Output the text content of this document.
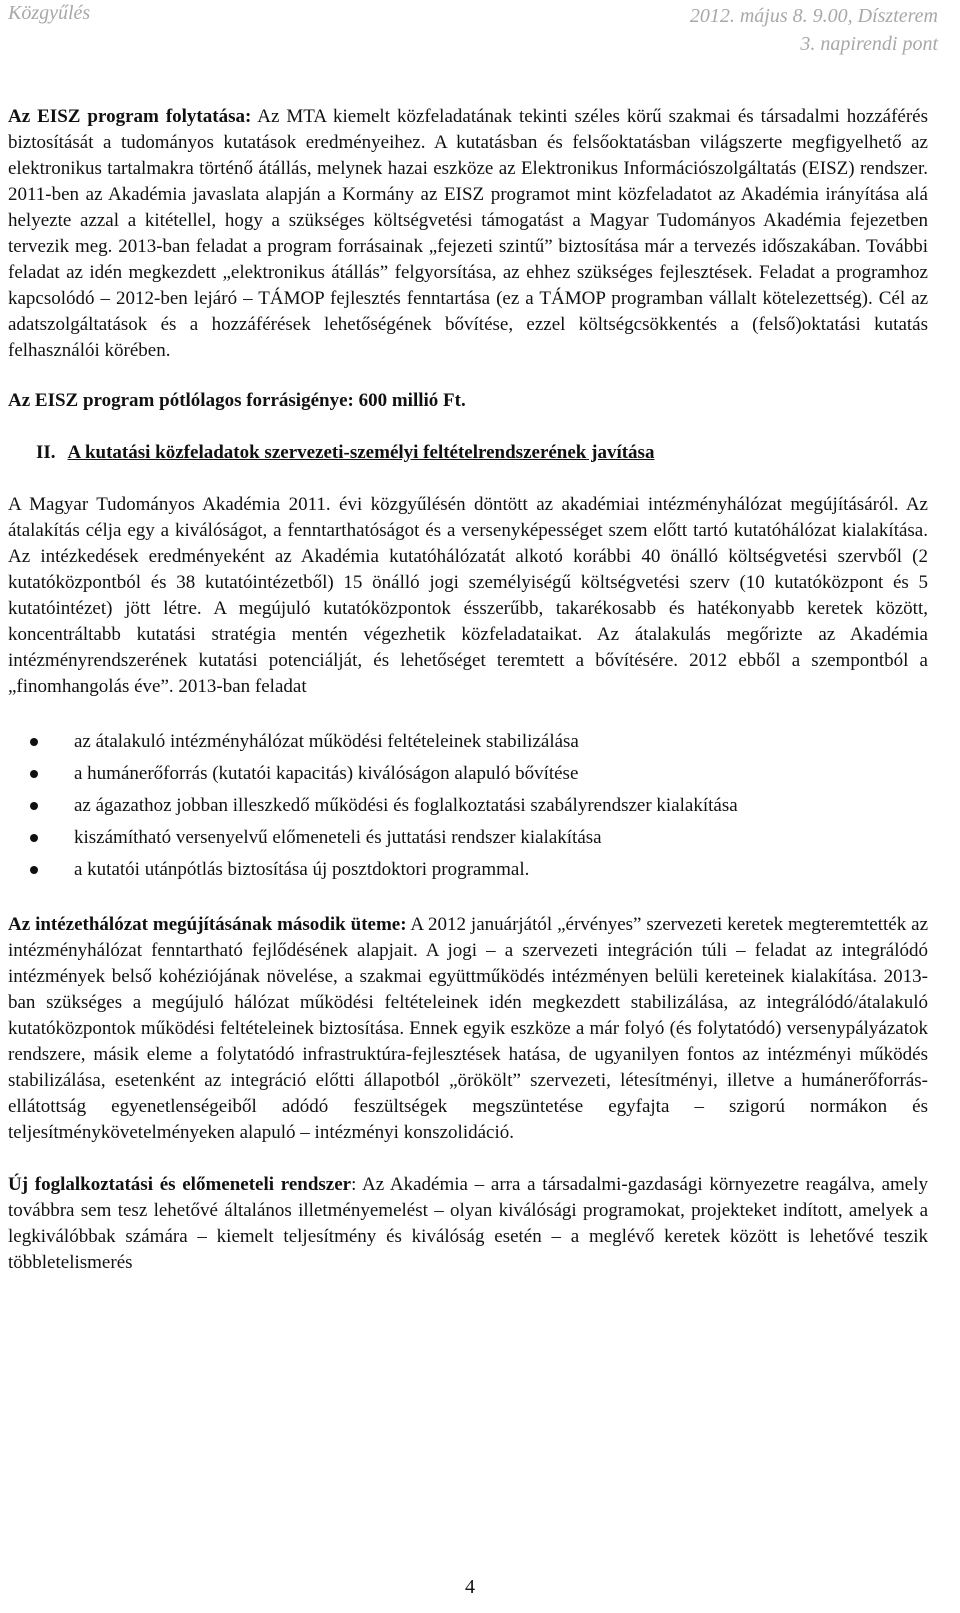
Közgyűlés	2012. május 8. 9.00, Díszterem
3. napirendi pont

Az EISZ program folytatása: Az MTA kiemelt közfeladatának tekinti széles körű szakmai és társadalmi hozzáférés biztosítását a tudományos kutatások eredményeihez. A kutatásban és felsőoktatásban világszerte megfigyelhető az elektronikus tartalmakra történő átállás, melynek hazai eszköze az Elektronikus Információszolgáltatás (EISZ) rendszer. 2011-ben az Akadémia javaslata alapján a Kormány az EISZ programot mint közfeladatot az Akadémia irányítása alá helyezte azzal a kitétellel, hogy a szükséges költségvetési támogatást a Magyar Tudományos Akadémia fejezetben tervezik meg. 2013-ban feladat a program forrásainak „fejezeti szintű” biztosítása már a tervezés időszakában. További feladat az idén megkezdett „elektronikus átállás” felgyorsítása, az ehhez szükséges fejlesztések. Feladat a programhoz kapcsolódó – 2012-ben lejáró – TÁMOP fejlesztés fenntartása (ez a TÁMOP programban vállalt kötelezettség). Cél az adatszolgáltatások és a hozzáférések lehetőségének bővítése, ezzel költségcsökkentés a (felső)oktatási kutatás felhasználói körében.

Az EISZ program pótlólagos forrásigénye: 600 millió Ft.

II. A kutatási közfeladatok szervezeti-személyi feltételrendszerének javítása

A Magyar Tudományos Akadémia 2011. évi közgyűlésén döntött az akadémiai intézményhálózat megújításáról. Az átalakítás célja egy a kiválóságot, a fenntarthatóságot és a versenyképességet szem előtt tartó kutatóhálózat kialakítása. Az intézkedések eredményeként az Akadémia kutatóhálózatát alkotó korábbi 40 önálló költségvetési szervből (2 kutatóközpontból és 38 kutatóintézetből) 15 önálló jogi személyiségű költségvetési szerv (10 kutatóközpont és 5 kutatóintézet) jött létre. A megújuló kutatóközpontok ésszerűbb, takarékosabb és hatékonyabb keretek között, koncentráltabb kutatási stratégia mentén végezhetik közfeladataikat. Az átalakulás megőrizte az Akadémia intézményrendszerének kutatási potenciálját, és lehetőséget teremtett a bővítésére. 2012 ebből a szempontból a „finomhangolás éve”. 2013-ban feladat

az átalakuló intézményhálózat működési feltételeinek stabilizálása
a humánerőforrás (kutatói kapacitás) kiválóságon alapuló bővítése
az ágazathoz jobban illeszkedő működési és foglalkoztatási szabályrendszer kialakítása
kiszámítható versenyelvű előmeneteli és juttatási rendszer kialakítása
a kutatói utánpótlás biztosítása új posztdoktori programmal.

Az intézethálózat megújításának második üteme: A 2012 januárjától „érvényes” szervezeti keretek megteremtették az intézményhálózat fenntartható fejlődésének alapjait. A jogi – a szervezeti integráción túli – feladat az integrálódó intézmények belső kohéziójának növelése, a szakmai együttműködés intézményen belüli kereteinek kialakítása. 2013-ban szükséges a megújuló hálózat működési feltételeinek idén megkezdett stabilizálása, az integrálódó/átalakuló kutatóközpontok működési feltételeinek biztosítása. Ennek egyik eszköze a már folyó (és folytatódó) versenypályázatok rendszere, másik eleme a folytatódó infrastruktúra-fejlesztések hatása, de ugyanilyen fontos az intézményi működés stabilizálása, esetenként az integráció előtti állapotból „örökölt” szervezeti, létesítményi, illetve a humánerőforrás-ellátottság egyenetlenségeiből adódó feszültségek megszüntetése egyfajta – szigorú normákon és teljesítménykövetelményeken alapuló – intézményi konszolidáció.

Új foglalkoztatási és előmeneteli rendszer: Az Akadémia – arra a társadalmi-gazdasági környezetre reagálva, amely továbbra sem tesz lehetővé általános illetményemelést – olyan kiválósági programokat, projekteket indított, amelyek a legkiválóbbak számára – kiemelt teljesítmény és kiválóság esetén – a meglévő keretek között is lehetővé teszik többletelismerés

4
